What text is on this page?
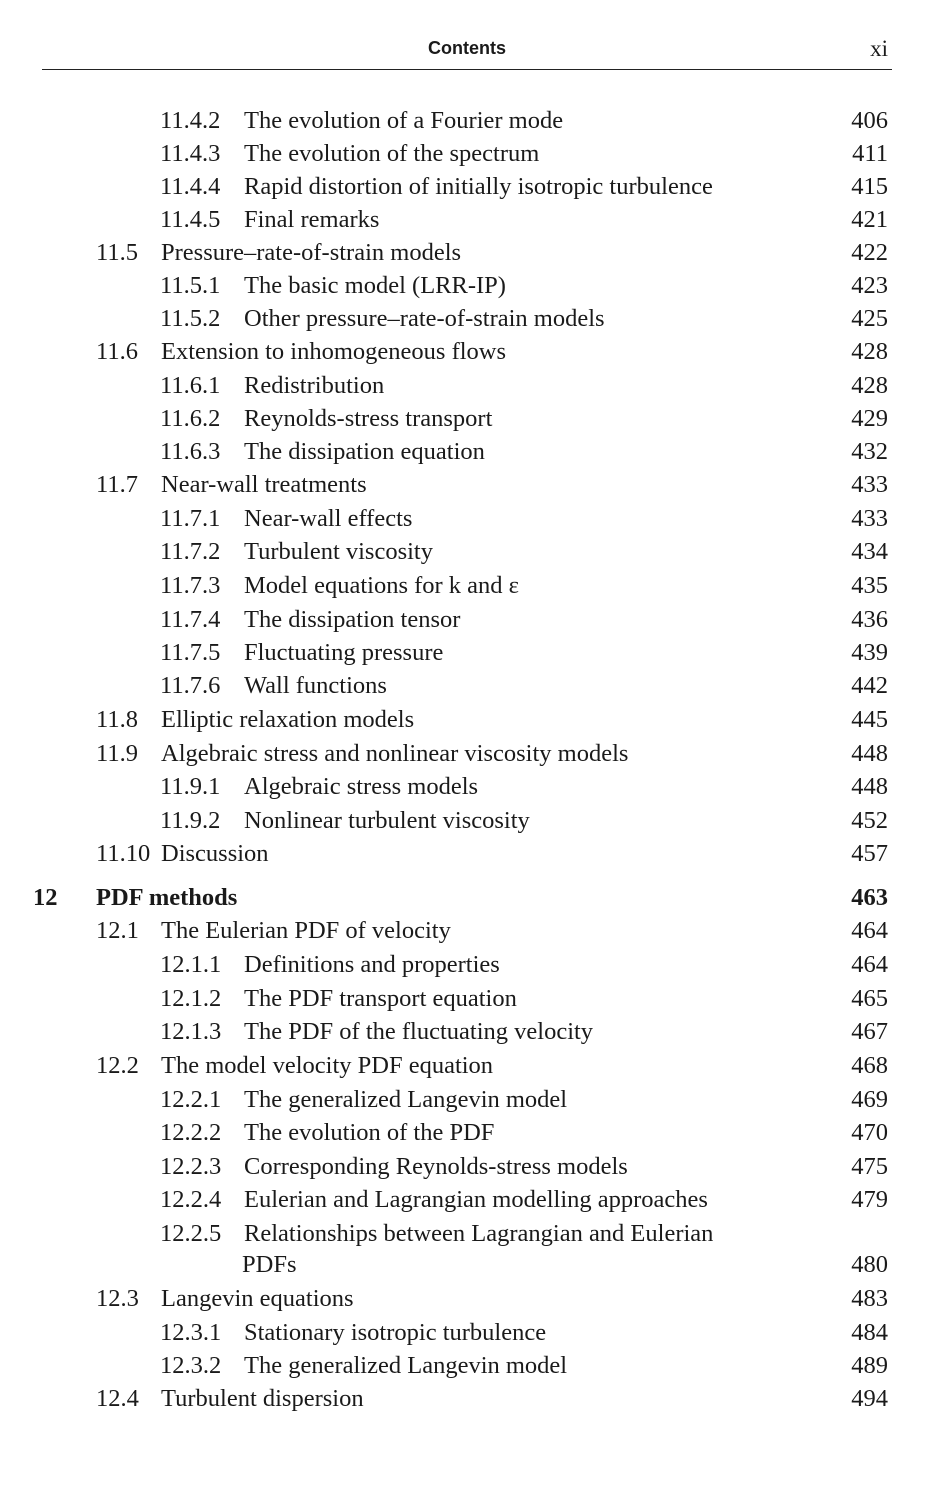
Contents	xi
11.4.2 The evolution of a Fourier mode	406
11.4.3 The evolution of the spectrum	411
11.4.4 Rapid distortion of initially isotropic turbulence	415
11.4.5 Final remarks	421
11.5 Pressure–rate-of-strain models	422
11.5.1 The basic model (LRR-IP)	423
11.5.2 Other pressure–rate-of-strain models	425
11.6 Extension to inhomogeneous flows	428
11.6.1 Redistribution	428
11.6.2 Reynolds-stress transport	429
11.6.3 The dissipation equation	432
11.7 Near-wall treatments	433
11.7.1 Near-wall effects	433
11.7.2 Turbulent viscosity	434
11.7.3 Model equations for k and ε	435
11.7.4 The dissipation tensor	436
11.7.5 Fluctuating pressure	439
11.7.6 Wall functions	442
11.8 Elliptic relaxation models	445
11.9 Algebraic stress and nonlinear viscosity models	448
11.9.1 Algebraic stress models	448
11.9.2 Nonlinear turbulent viscosity	452
11.10 Discussion	457
12 PDF methods	463
12.1 The Eulerian PDF of velocity	464
12.1.1 Definitions and properties	464
12.1.2 The PDF transport equation	465
12.1.3 The PDF of the fluctuating velocity	467
12.2 The model velocity PDF equation	468
12.2.1 The generalized Langevin model	469
12.2.2 The evolution of the PDF	470
12.2.3 Corresponding Reynolds-stress models	475
12.2.4 Eulerian and Lagrangian modelling approaches	479
12.2.5 Relationships between Lagrangian and Eulerian
PDFs	480
12.3 Langevin equations	483
12.3.1 Stationary isotropic turbulence	484
12.3.2 The generalized Langevin model	489
12.4 Turbulent dispersion	494
